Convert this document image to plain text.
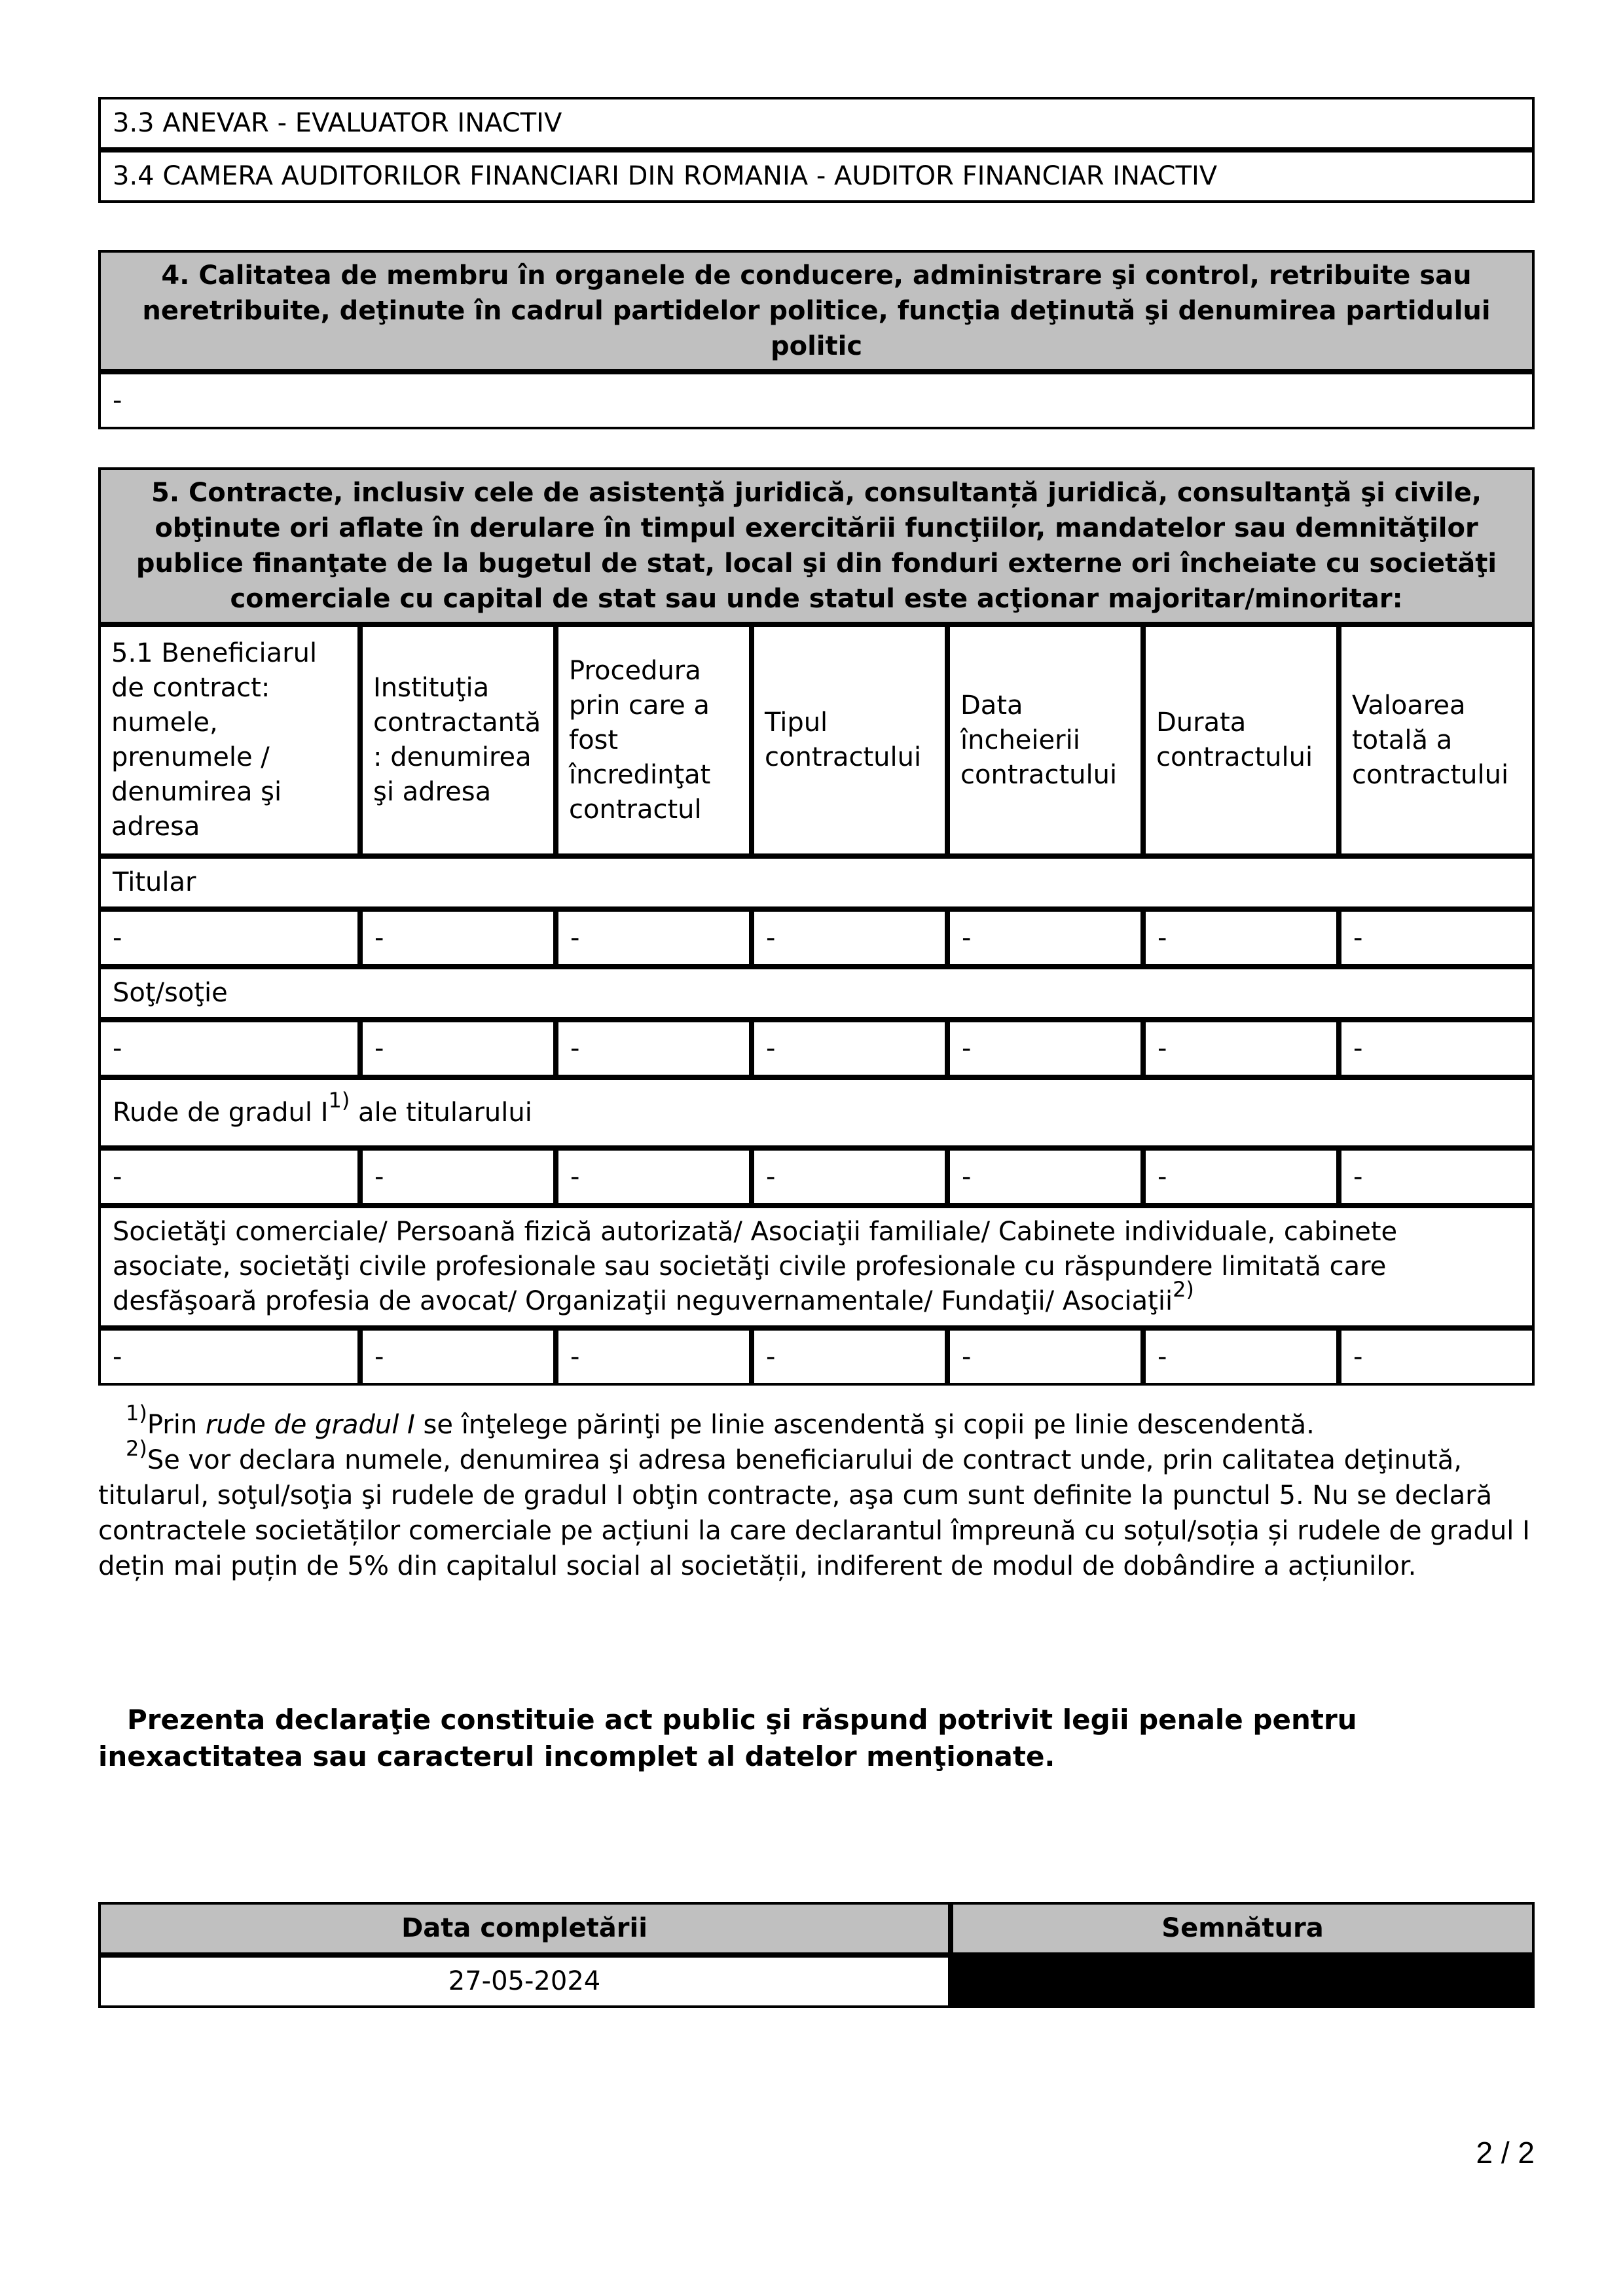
3.3 ANEVAR - EVALUATOR INACTIV
3.4 CAMERA AUDITORILOR FINANCIARI DIN ROMANIA - AUDITOR FINANCIAR INACTIV
4. Calitatea de membru în organele de conducere, administrare şi control, retribuite sau neretribuite, deţinute în cadrul partidelor politice, funcţia deţinută şi denumirea partidului politic
-
5. Contracte, inclusiv cele de asistenţă juridică, consultanță juridică, consultanţă şi civile, obţinute ori aflate în derulare în timpul exercitării funcţiilor, mandatelor sau demnităţilor publice finanţate de la bugetul de stat, local şi din fonduri externe ori încheiate cu societăţi comerciale cu capital de stat sau unde statul este acţionar majoritar/minoritar:						
5.1 Beneficiarul de contract: numele, prenumele / denumirea şi adresa	Instituţia contractantă : denumirea şi adresa	Procedura prin care a fost încredinţat contractul	Tipul contractului	Data încheierii contractului	Durata contractului	Valoarea totală a contractului
Titular						
-	-	-	-	-	-	-
Soţ/soţie						
-	-	-	-	-	-	-
Rude de gradul $I^{1)}$ ale titularului						
-	-	-	-	-	-	-
Societăţi comerciale/ Persoană fizică autorizată/ Asociaţii familiale/ Cabinete individuale, cabinete asociate, societăţi civile profesionale sau societăţi civile profesionale cu răspundere limitată care desfăşoară profesia de avocat/ Organizaţii neguvernamentale/ Fundaţii/ Asociaţii$^{2)}$
-	-	-	-	-	-	-

$^{1)}$Prin rude de gradul I se înţelege părinţi pe linie ascendentă şi copii pe linie descendentă.

$^{2)}$Se vor declara numele, denumirea şi adresa beneficiarului de contract unde, prin calitatea deţinută, titularul, soţul/soţia şi rudele de gradul I obţin contracte, aşa cum sunt definite la punctul 5. Nu se declară contractele societăților comerciale pe acțiuni la care declarantul împreună cu soțul/soția și rudele de gradul I dețin mai puțin de 5% din capitalul social al societății, indiferent de modul de dobândire a acțiunilor.

Prezenta declaraţie constituie act public şi răspund potrivit legii penale pentru inexactitatea sau caracterul incomplet al datelor menţionate.

Data completării	Semnătura
27-05-2024	
2 / 2
